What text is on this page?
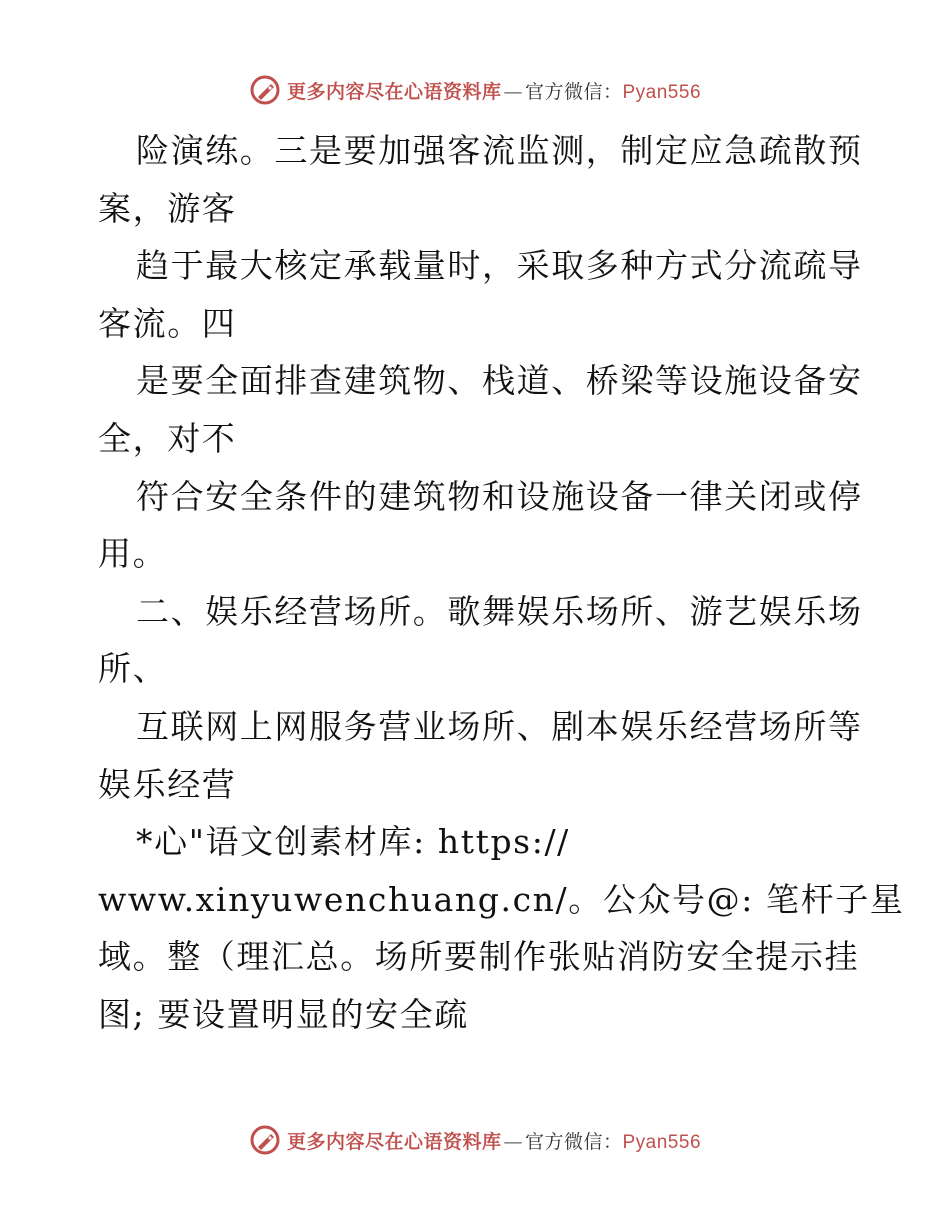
更多内容尽在心语资料库 — 官方微信： Pyan556
险演练。三是要加强客流监测，制定应急疏散预
案，游客
趋于最大核定承载量时，采取多种方式分流疏导
客流。四
是要全面排查建筑物、栈道、桥梁等设施设备安
全，对不
符合安全条件的建筑物和设施设备一律关闭或停
用。
二、娱乐经营场所。歌舞娱乐场所、游艺娱乐场
所、
互联网上网服务营业场所、剧本娱乐经营场所等
娱乐经营
*心"语文创素材库: https://
www.xinyuwenchuang.cn/。公众号@: 笔杆子星
域。整（理汇总。场所要制作张贴消防安全提示挂
图; 要设置明显的安全疏
更多内容尽在心语资料库 — 官方微信： Pyan556
